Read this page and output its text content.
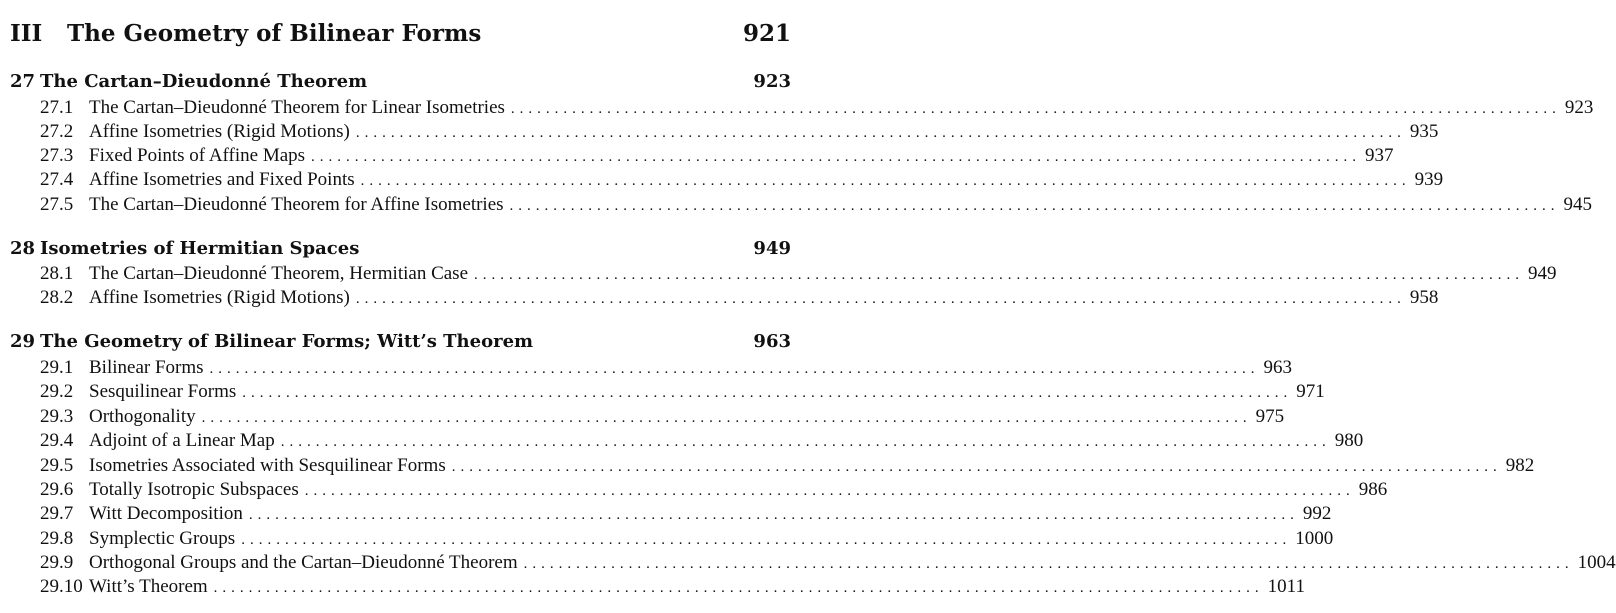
III The Geometry of Bilinear Forms	921
27 The Cartan–Dieudonné Theorem	923
27.1 The Cartan–Dieudonné Theorem for Linear Isometries ........................................................................................................................ 923
27.2 Affine Isometries (Rigid Motions) ........................................................................................................................ 935
27.3 Fixed Points of Affine Maps ........................................................................................................................ 937
27.4 Affine Isometries and Fixed Points ........................................................................................................................ 939
27.5 The Cartan–Dieudonné Theorem for Affine Isometries ........................................................................................................................ 945
28 Isometries of Hermitian Spaces	949
28.1 The Cartan–Dieudonné Theorem, Hermitian Case ........................................................................................................................ 949
28.2 Affine Isometries (Rigid Motions) ........................................................................................................................ 958
29 The Geometry of Bilinear Forms; Witt’s Theorem	963
29.1 Bilinear Forms ........................................................................................................................ 963
29.2 Sesquilinear Forms ........................................................................................................................ 971
29.3 Orthogonality ........................................................................................................................ 975
29.4 Adjoint of a Linear Map ........................................................................................................................ 980
29.5 Isometries Associated with Sesquilinear Forms ........................................................................................................................ 982
29.6 Totally Isotropic Subspaces ........................................................................................................................ 986
29.7 Witt Decomposition ........................................................................................................................ 992
29.8 Symplectic Groups ........................................................................................................................ 1000
29.9 Orthogonal Groups and the Cartan–Dieudonné Theorem ........................................................................................................................ 1004
29.10 Witt’s Theorem ........................................................................................................................ 1011
